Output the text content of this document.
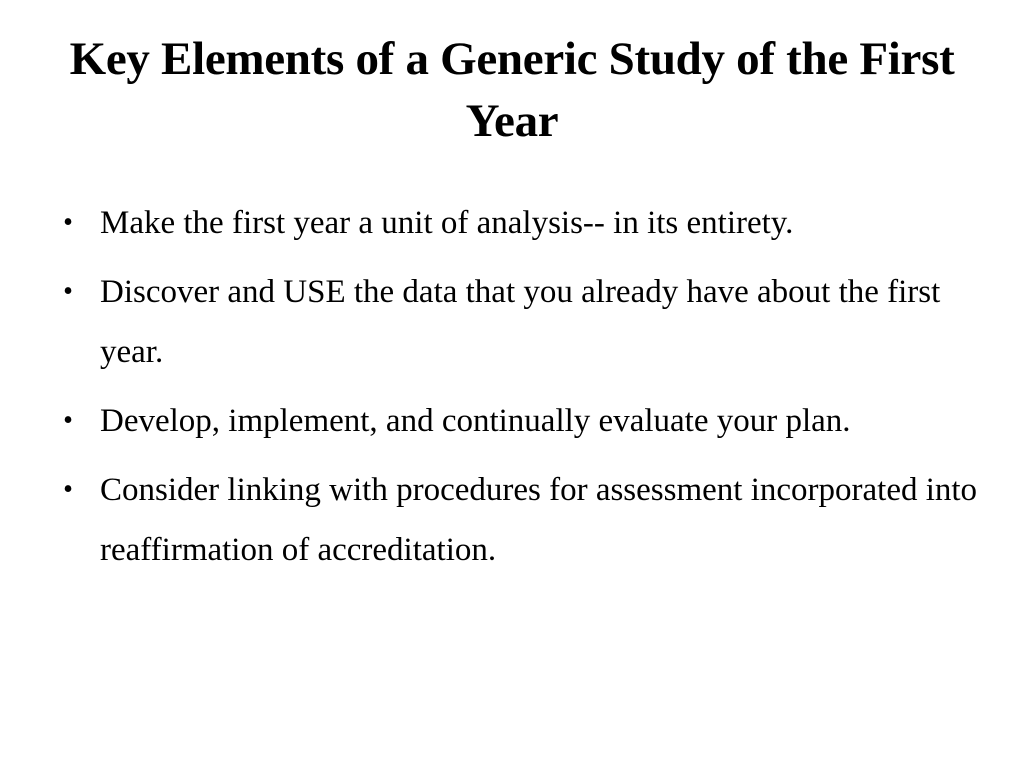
Key Elements of a Generic Study of the First Year
• Make the first year a unit of analysis-- in its entirety.
• Discover and USE the data that you already have about the first year.
• Develop, implement, and continually evaluate your plan.
• Consider linking with procedures for assessment incorporated into reaffirmation of accreditation.
